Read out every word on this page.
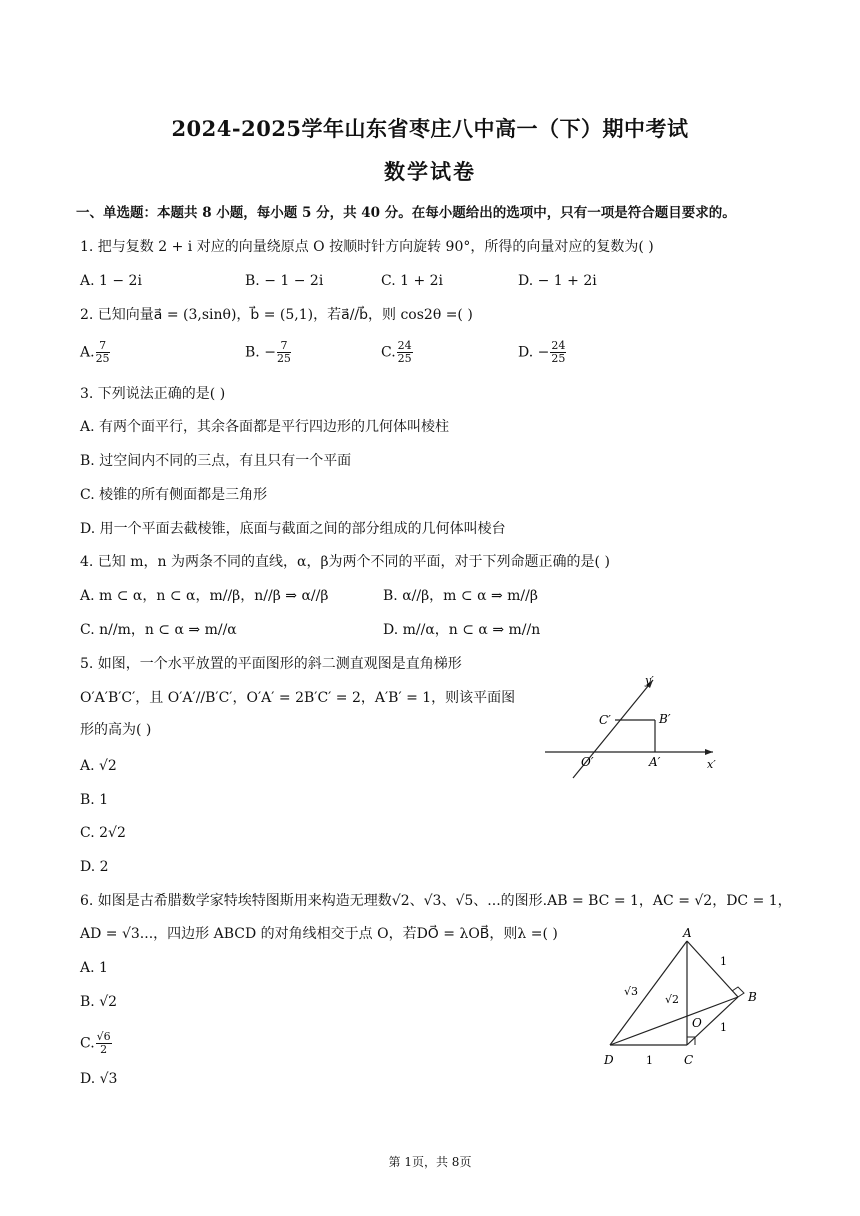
2024-2025学年山东省枣庄八中高一（下）期中考试
数学试卷
一、单选题：本题共 8 小题，每小题 5 分，共 40 分。在每小题给出的选项中，只有一项是符合题目要求的。
1. 把与复数 2 + i 对应的向量绕原点 O 按顺时针方向旋转 90°，所得的向量对应的复数为( )
A. 1 − 2i	B. − 1 − 2i	C. 1 + 2i	D. − 1 + 2i
2. 已知向量a⃗ = (3,sinθ)，b⃗ = (5,1)，若a⃗//b⃗，则 cos2θ =( )
A. $\frac{7}{25}$	B. − $\frac{7}{25}$	C. $\frac{24}{25}$	D. − $\frac{24}{25}$
3. 下列说法正确的是( )
A. 有两个面平行，其余各面都是平行四边形的几何体叫棱柱
B. 过空间内不同的三点，有且只有一个平面
C. 棱锥的所有侧面都是三角形
D. 用一个平面去截棱锥，底面与截面之间的部分组成的几何体叫棱台
4. 已知 m，n 为两条不同的直线，α，β为两个不同的平面，对于下列命题正确的是( )
A. m ⊂ α，n ⊂ α，m//β，n//β ⇒ α//β	B. α//β，m ⊂ α ⇒ m//β
C. n//m，n ⊂ α ⇒ m//α	D. m//α，n ⊂ α ⇒ m//n
5. 如图，一个水平放置的平面图形的斜二测直观图是直角梯形
O′A′B′C′，且 O′A′//B′C′，O′A′ = 2B′C′ = 2，A′B′ = 1，则该平面图
形的高为( )
A. √2
B. 1
C. 2√2
D. 2
y′
x′
O′	A′
B′
C′
6. 如图是古希腊数学家特埃特图斯用来构造无理数√2、√3、√5、...的图形.AB = BC = 1，AC = √2，DC = 1，
AD = √3...，四边形 ABCD 的对角线相交于点 O，若DO⃗ = λOB⃗，则λ =( )
A. 1
B. √2
C. $\frac{√6}{2}$
D. √3
A
B
C
D
O
1
1
1
√2
√3
第 1页，共 8页
